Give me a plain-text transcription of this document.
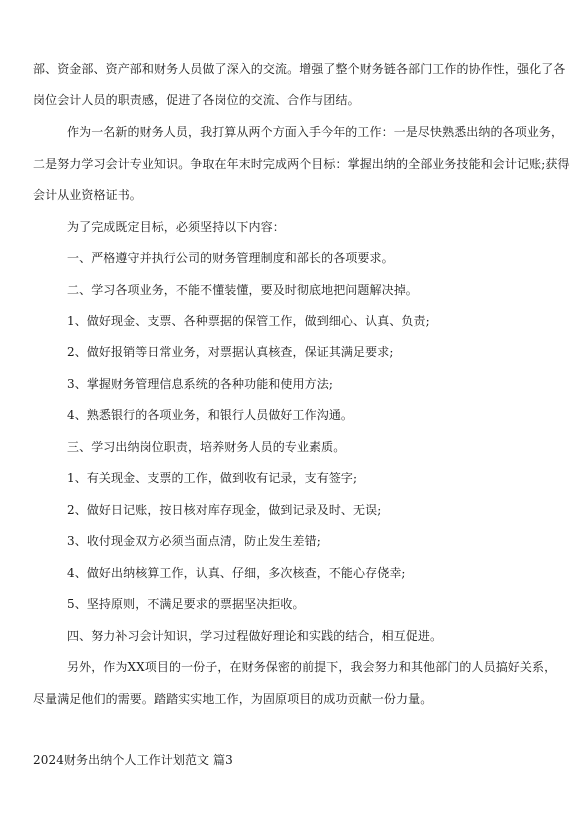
部、资金部、资产部和财务人员做了深入的交流。增强了整个财务链各部门工作的协作性，强化了各
岗位会计人员的职责感，促进了各岗位的交流、合作与团结。
作为一名新的财务人员，我打算从两个方面入手今年的工作：一是尽快熟悉出纳的各项业务，
二是努力学习会计专业知识。争取在年末时完成两个目标：掌握出纳的全部业务技能和会计记账;获得
会计从业资格证书。
为了完成既定目标，必须坚持以下内容：
一、严格遵守并执行公司的财务管理制度和部长的各项要求。
二、学习各项业务，不能不懂装懂，要及时彻底地把问题解决掉。
1、做好现金、支票、各种票据的保管工作，做到细心、认真、负责;
2、做好报销等日常业务，对票据认真核查，保证其满足要求;
3、掌握财务管理信息系统的各种功能和使用方法;
4、熟悉银行的各项业务，和银行人员做好工作沟通。
三、学习出纳岗位职责，培养财务人员的专业素质。
1、有关现金、支票的工作，做到收有记录，支有签字;
2、做好日记账，按日核对库存现金，做到记录及时、无误;
3、收付现金双方必须当面点清，防止发生差错;
4、做好出纳核算工作，认真、仔细，多次核查，不能心存侥幸;
5、坚持原则，不满足要求的票据坚决拒收。
四、努力补习会计知识，学习过程做好理论和实践的结合，相互促进。
另外，作为XX项目的一份子，在财务保密的前提下，我会努力和其他部门的人员搞好关系，
尽量满足他们的需要。踏踏实实地工作，为固原项目的成功贡献一份力量。
2024财务出纳个人工作计划范文 篇3
